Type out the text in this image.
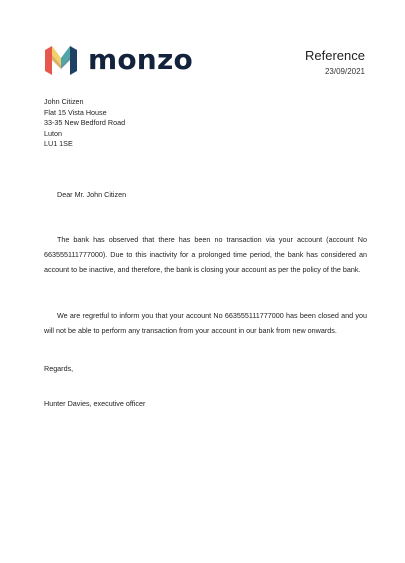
monzo	Reference
23/09/2021
John Citizen
Flat 15 Vista House
33-35 New Bedford Road
Luton
LU1 1SE
Dear Mr. John Citizen

The bank has observed that there has been no transaction via your account (account No 663555111777000). Due to this inactivity for a prolonged time period, the bank has considered an account to be inactive, and therefore, the bank is closing your account as per the policy of the bank.

We are regretful to inform you that your account No 663555111777000 has been closed and you will not be able to perform any transaction from your account in our bank from new onwards.

Regards,
Hunter Davies, executive officer
